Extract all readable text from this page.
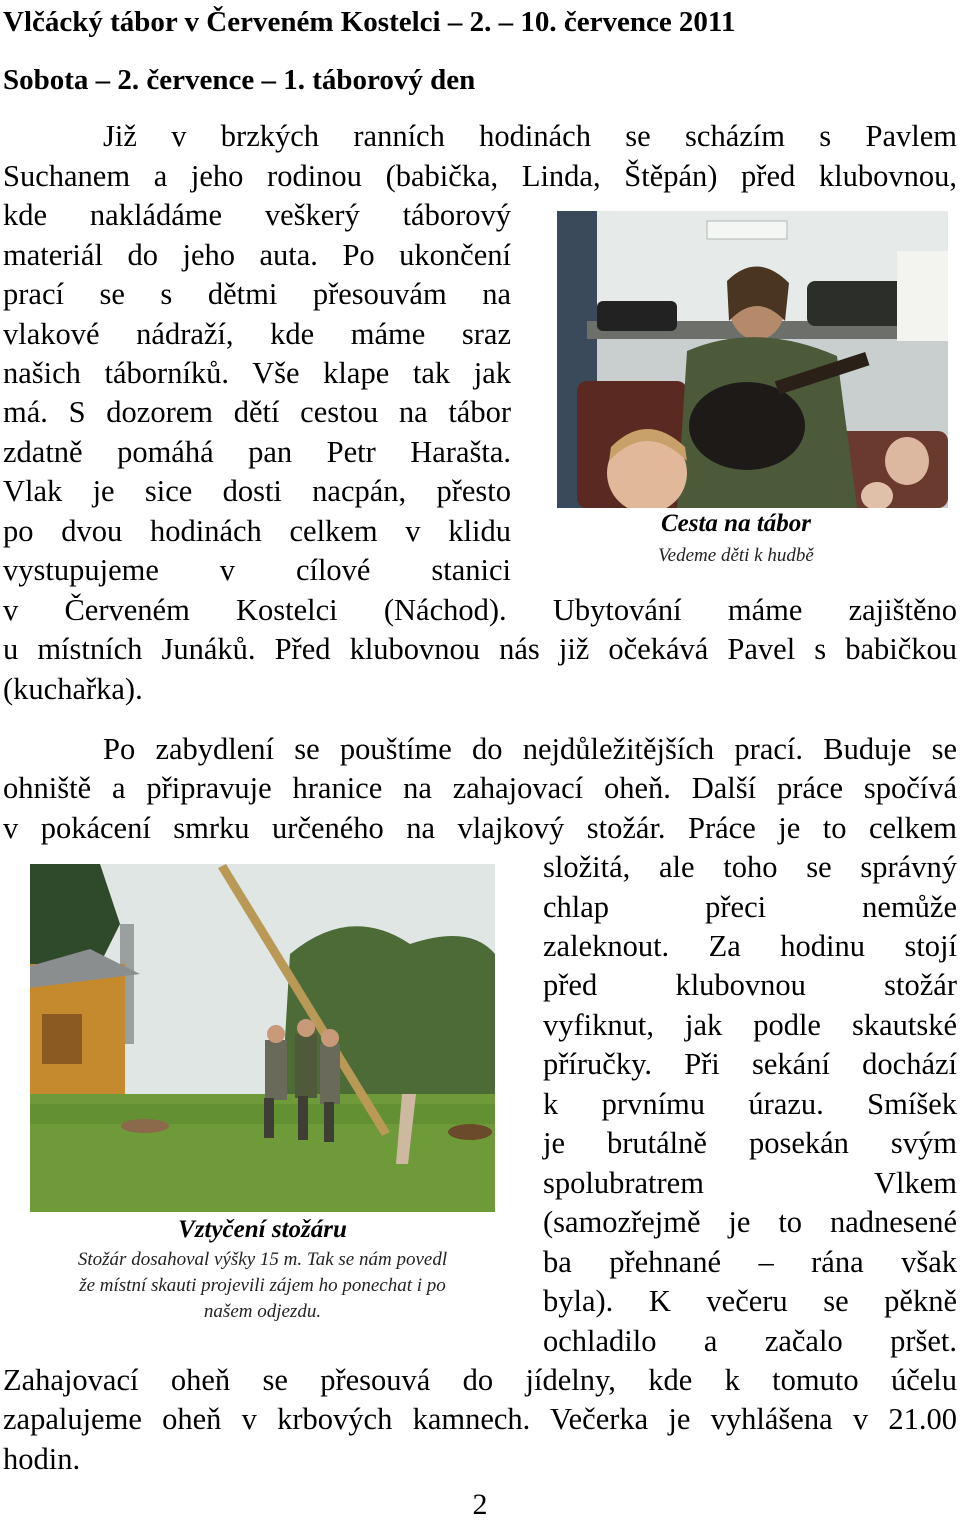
Vlčácký tábor v Červeném Kostelci – 2. – 10. července 2011
Sobota – 2. července – 1. táborový den
Již v brzkých ranních hodinách se scházím s Pavlem
Suchanem a jeho rodinou (babička, Linda, Štěpán) před klubovnou,
kde nakládáme veškerý táborový
materiál do jeho auta. Po ukončení
prací se s dětmi přesouvám na
vlakové nádraží, kde máme sraz
našich táborníků. Vše klape tak jak
má. S dozorem dětí cestou na tábor
zdatně pomáhá pan Petr Harašta.
Vlak je sice dosti nacpán, přesto
po dvou hodinách celkem v klidu
vystupujeme v cílové stanici
v Červeném Kostelci (Náchod). Ubytování máme zajištěno
u místních Junáků. Před klubovnou nás již očekává Pavel s babičkou
(kuchařka).
Cesta na tábor
Vedeme děti k hudbě
Po zabydlení se pouštíme do nejdůležitějších prací. Buduje se
ohniště a připravuje hranice na zahajovací oheň. Další práce spočívá
v pokácení smrku určeného na vlajkový stožár. Práce je to celkem
složitá, ale toho se správný
chlap přeci nemůže
zaleknout. Za hodinu stojí
před klubovnou stožár
vyfiknut, jak podle skautské
příručky. Při sekání dochází
k prvnímu úrazu. Smíšek
je brutálně posekán svým
spolubratrem Vlkem
(samozřejmě je to nadnesené
ba přehnané – rána však
byla). K večeru se pěkně
ochladilo a začalo pršet.
Zahajovací oheň se přesouvá do jídelny, kde k tomuto účelu
zapalujeme oheň v krbových kamnech. Večerka je vyhlášena v 21.00
hodin.
Vztyčení stožáru
Stožár dosahoval výšky 15 m. Tak se nám povedl
že místní skauti projevili zájem ho ponechat i po
našem odjezdu.
2
